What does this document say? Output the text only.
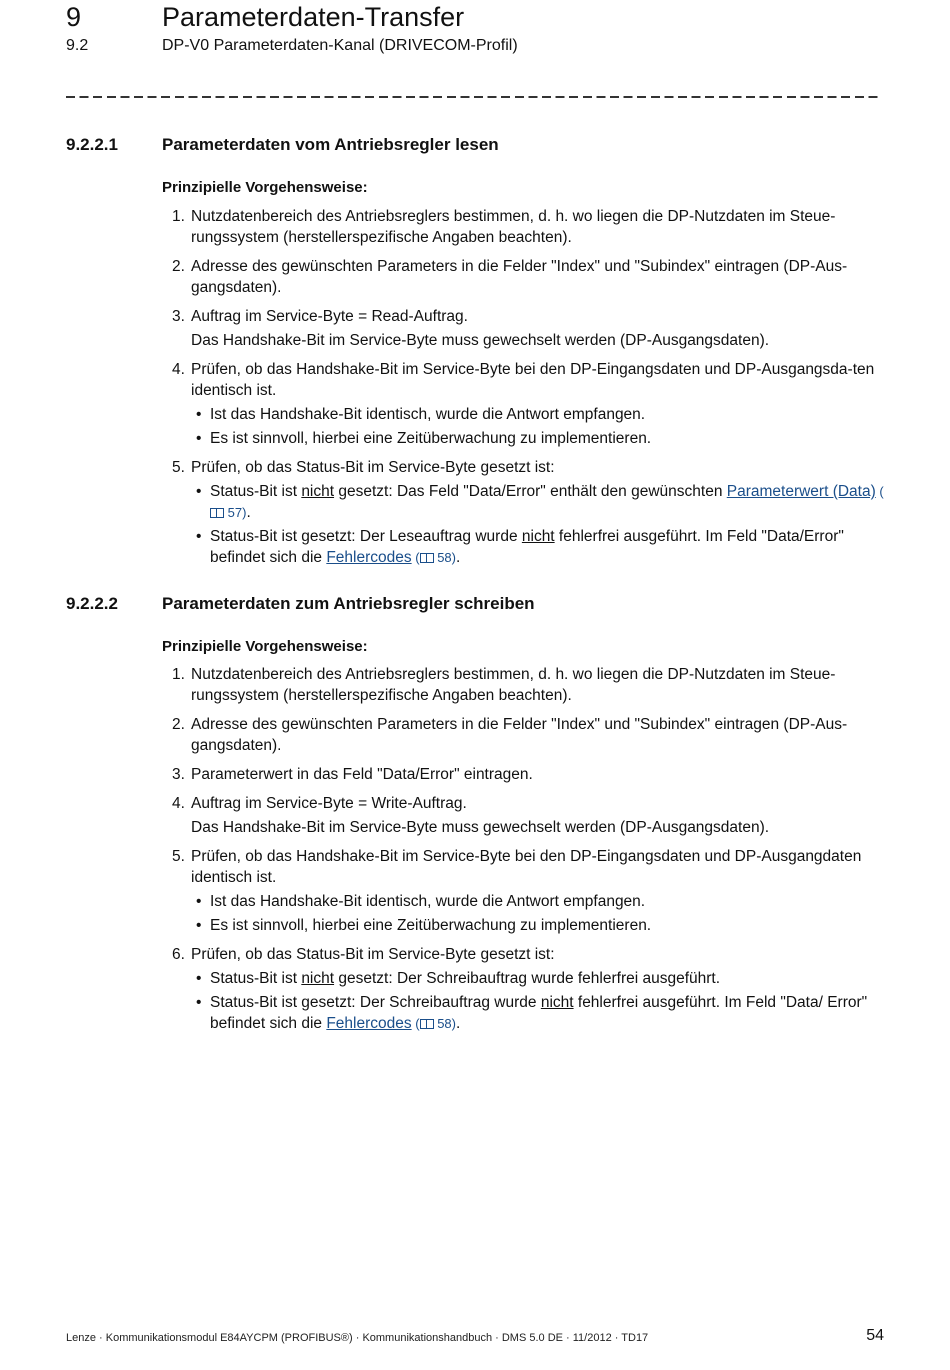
9	Parameterdaten-Transfer
9.2	DP-V0 Parameterdaten-Kanal (DRIVECOM-Profil)
9.2.2.1	Parameterdaten vom Antriebsregler lesen
Prinzipielle Vorgehensweise:
1. Nutzdatenbereich des Antriebsreglers bestimmen, d. h. wo liegen die DP-Nutzdaten im Steue-rungssystem (herstellerspezifische Angaben beachten).
2. Adresse des gewünschten Parameters in die Felder "Index" und "Subindex" eintragen (DP-Aus-gangsdaten).
3. Auftrag im Service-Byte = Read-Auftrag.
Das Handshake-Bit im Service-Byte muss gewechselt werden (DP-Ausgangsdaten).
4. Prüfen, ob das Handshake-Bit im Service-Byte bei den DP-Eingangsdaten und DP-Ausgangsda-ten identisch ist.
• Ist das Handshake-Bit identisch, wurde die Antwort empfangen.
• Es ist sinnvoll, hierbei eine Zeitüberwachung zu implementieren.
5. Prüfen, ob das Status-Bit im Service-Byte gesetzt ist:
• Status-Bit ist nicht gesetzt: Das Feld "Data/Error" enthält den gewünschten Parameterwert (Data) ( 57).
• Status-Bit ist gesetzt: Der Leseauftrag wurde nicht fehlerfrei ausgeführt. Im Feld "Data/Error" befindet sich die Fehlercodes ( 58).
9.2.2.2	Parameterdaten zum Antriebsregler schreiben
Prinzipielle Vorgehensweise:
1. Nutzdatenbereich des Antriebsreglers bestimmen, d. h. wo liegen die DP-Nutzdaten im Steue-rungssystem (herstellerspezifische Angaben beachten).
2. Adresse des gewünschten Parameters in die Felder "Index" und "Subindex" eintragen (DP-Aus-gangsdaten).
3. Parameterwert in das Feld "Data/Error" eintragen.
4. Auftrag im Service-Byte = Write-Auftrag.
Das Handshake-Bit im Service-Byte muss gewechselt werden (DP-Ausgangsdaten).
5. Prüfen, ob das Handshake-Bit im Service-Byte bei den DP-Eingangsdaten und DP-Ausgangdaten identisch ist.
• Ist das Handshake-Bit identisch, wurde die Antwort empfangen.
• Es ist sinnvoll, hierbei eine Zeitüberwachung zu implementieren.
6. Prüfen, ob das Status-Bit im Service-Byte gesetzt ist:
• Status-Bit ist nicht gesetzt: Der Schreibauftrag wurde fehlerfrei ausgeführt.
• Status-Bit ist gesetzt: Der Schreibauftrag wurde nicht fehlerfrei ausgeführt. Im Feld "Data/ Error" befindet sich die Fehlercodes ( 58).
Lenze · Kommunikationsmodul E84AYCPM (PROFIBUS®) · Kommunikationshandbuch · DMS 5.0 DE · 11/2012 · TD17	54
